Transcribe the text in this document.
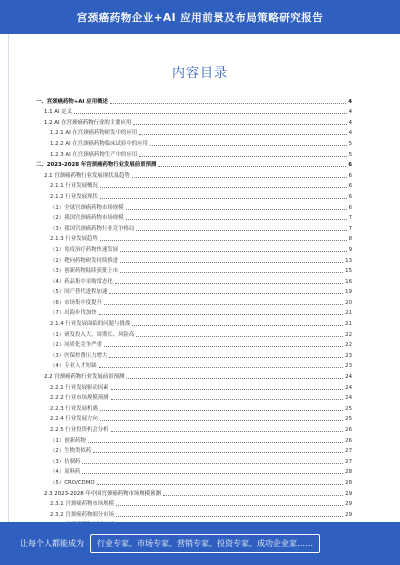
宫颈癌药物企业+AI 应用前景及布局策略研究报告
内容目录
一、宫颈癌药物+AI 应用概述	4
1.1 AI 定义	4
1.2 AI 在宫颈癌药物行业的主要应用	4
1.2.1 AI 在宫颈癌药物研发中的应用	4
1.2.2 AI 在宫颈癌药物临床试验中的应用	5
1.2.3 AI 在宫颈癌药物生产中的应用	5
二、2023-2028 年宫颈癌药物行业发展前景预测	6
2.1 宫颈癌药物行业发展现状及趋势	6
2.1.1 行业发展概况	6
2.1.2 行业发展现状	6
（1）全球宫颈癌药物市场规模	6
（2）我国宫颈癌药物市场规模	7
（3）我国宫颈癌药物行业竞争格局	7
2.1.3 行业发展趋势	8
（1）免疫治疗药物快速发展	9
（2）靶向药物研发持续推进	13
（3）创新药物陆续获批上市	15
（4）药品集中采购常态化	16
（5）国产替代进程加速	19
（6）市场集中度提升	20
（7）出海步伐加快	21
2.1.4 行业发展面临的问题与挑战	21
（1）研发投入大、周期长、风险高	22
（2）同质化竞争严重	22
（3）医保控费压力增大	23
（4）专业人才短缺	23
2.2 宫颈癌药物行业发展前景预测	24
2.2.1 行业发展驱动因素	24
2.2.2 行业市场规模预测	24
2.2.3 行业发展机遇	25
2.2.4 行业发展方向	25
2.2.5 行业投资机会分析	26
（1）创新药物	26
（2）生物类似药	27
（3）仿制药	27
（4）原料药	28
（5）CRO/CDMO	28
2.3 2023-2028 年中国宫颈癌药物市场规模预测	29
2.3.1 宫颈癌药物市场规模	29
2.3.2 宫颈癌药物细分市场	29
让每个人都能成为	行业专家、市场专家、营销专家、投资专家、成功企业家……
